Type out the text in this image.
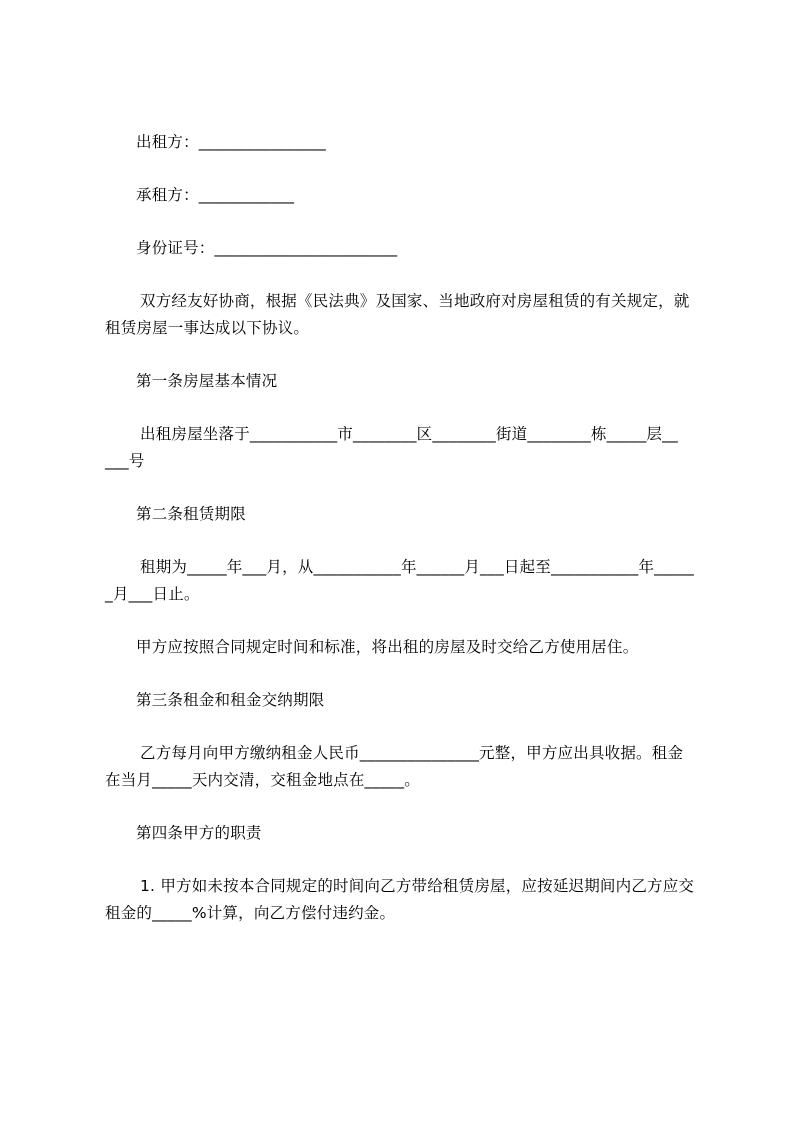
出租方：________________
承租方：____________
身份证号：_______________________
双方经友好协商，根据《民法典》及国家、当地政府对房屋租赁的有关规定，就
租赁房屋一事达成以下协议。
第一条房屋基本情况
出租房屋坐落于___________市________区________街道________栋_____层__
___号
第二条租赁期限
租期为_____年___月，从___________年______月___日起至___________年_____
_月___日止。
甲方应按照合同规定时间和标准，将出租的房屋及时交给乙方使用居住。
第三条租金和租金交纳期限
乙方每月向甲方缴纳租金人民币_______________元整，甲方应出具收据。租金
在当月_____天内交清，交租金地点在_____。
第四条甲方的职责
1. 甲方如未按本合同规定的时间向乙方带给租赁房屋，应按延迟期间内乙方应交
租金的_____%计算，向乙方偿付违约金。
